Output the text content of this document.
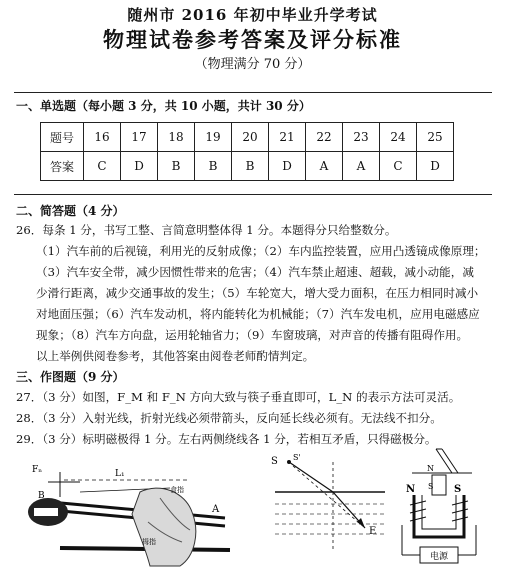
随州市 2016 年初中毕业升学考试
物理试卷参考答案及评分标准
（物理满分 70 分）
一、单选题（每小题 3 分，共 10 小题，共计 30 分）
题号	16	17	18	19	20	21	22	23	24	25
答案	C	D	B	B	B	D	A	A	C	D
二、简答题（4 分）
26．每条 1 分，书写工整、言简意明整体得 1 分。本题得分只给整数分。
（1）汽车前的后视镜，利用光的反射成像；（2）车内监控装置，应用凸透镜成像原理；
（3）汽车安全带，减少因惯性带来的危害；（4）汽车禁止超速、超载，减小动能，减
少滑行距离，减少交通事故的发生；（5）车轮宽大，增大受力面积，在压力相同时减小
对地面压强；（6）汽车发动机，将内能转化为机械能；（7）汽车发电机，应用电磁感应
现象；（8）汽车方向盘，运用轮轴省力；（9）车窗玻璃，对声音的传播有阻碍作用。
以上举例供阅卷参考，其他答案由阅卷老师酌情判定。
三、作图题（9 分）
27．（3 分）如图，F_M 和 F_N 方向大致与筷子垂直即可，L_N 的表示方法可灵活。
28．（3 分）入射光线，折射光线必须带箭头，反向延长线必须有。无法线不扣分。
29．（3 分）标明磁极得 1 分。左右两侧绕线各 1 分，若相互矛盾，只得磁极分。
Fₙ	L₁
B
A
食指
拇指
S S'
E
N
S
N	S
电源
